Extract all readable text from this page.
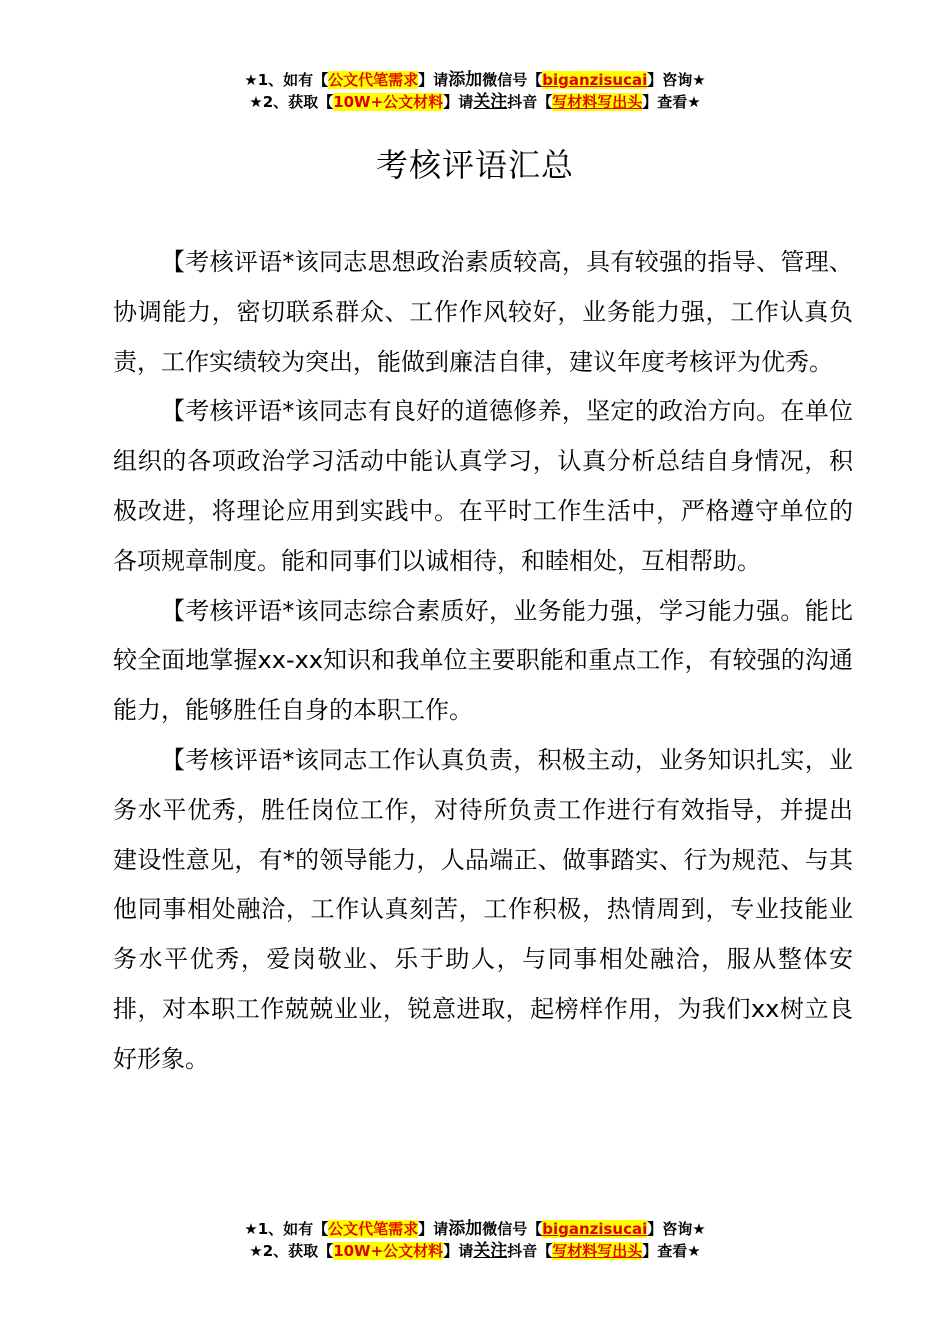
★1、如有【公文代笔需求】请添加微信号【biganzisucai】咨询★
★2、获取【10W+公文材料】请关注抖音【写材料写出头】查看★
考核评语汇总

【考核评语*该同志思想政治素质较高，具有较强的指导、管理、协调能力，密切联系群众、工作作风较好，业务能力强，工作认真负责，工作实绩较为突出，能做到廉洁自律，建议年度考核评为优秀。

【考核评语*该同志有良好的道德修养，坚定的政治方向。在单位组织的各项政治学习活动中能认真学习，认真分析总结自身情况，积极改进，将理论应用到实践中。在平时工作生活中，严格遵守单位的各项规章制度。能和同事们以诚相待，和睦相处，互相帮助。

【考核评语*该同志综合素质好，业务能力强，学习能力强。能比较全面地掌握xx-xx知识和我单位主要职能和重点工作，有较强的沟通能力，能够胜任自身的本职工作。

【考核评语*该同志工作认真负责，积极主动，业务知识扎实，业务水平优秀，胜任岗位工作，对待所负责工作进行有效指导，并提出建设性意见，有*的领导能力，人品端正、做事踏实、行为规范、与其他同事相处融洽，工作认真刻苦，工作积极，热情周到，专业技能业务水平优秀，爱岗敬业、乐于助人，与同事相处融洽，服从整体安排，对本职工作兢兢业业，锐意进取，起榜样作用，为我们xx树立良好形象。

★1、如有【公文代笔需求】请添加微信号【biganzisucai】咨询★
★2、获取【10W+公文材料】请关注抖音【写材料写出头】查看★
